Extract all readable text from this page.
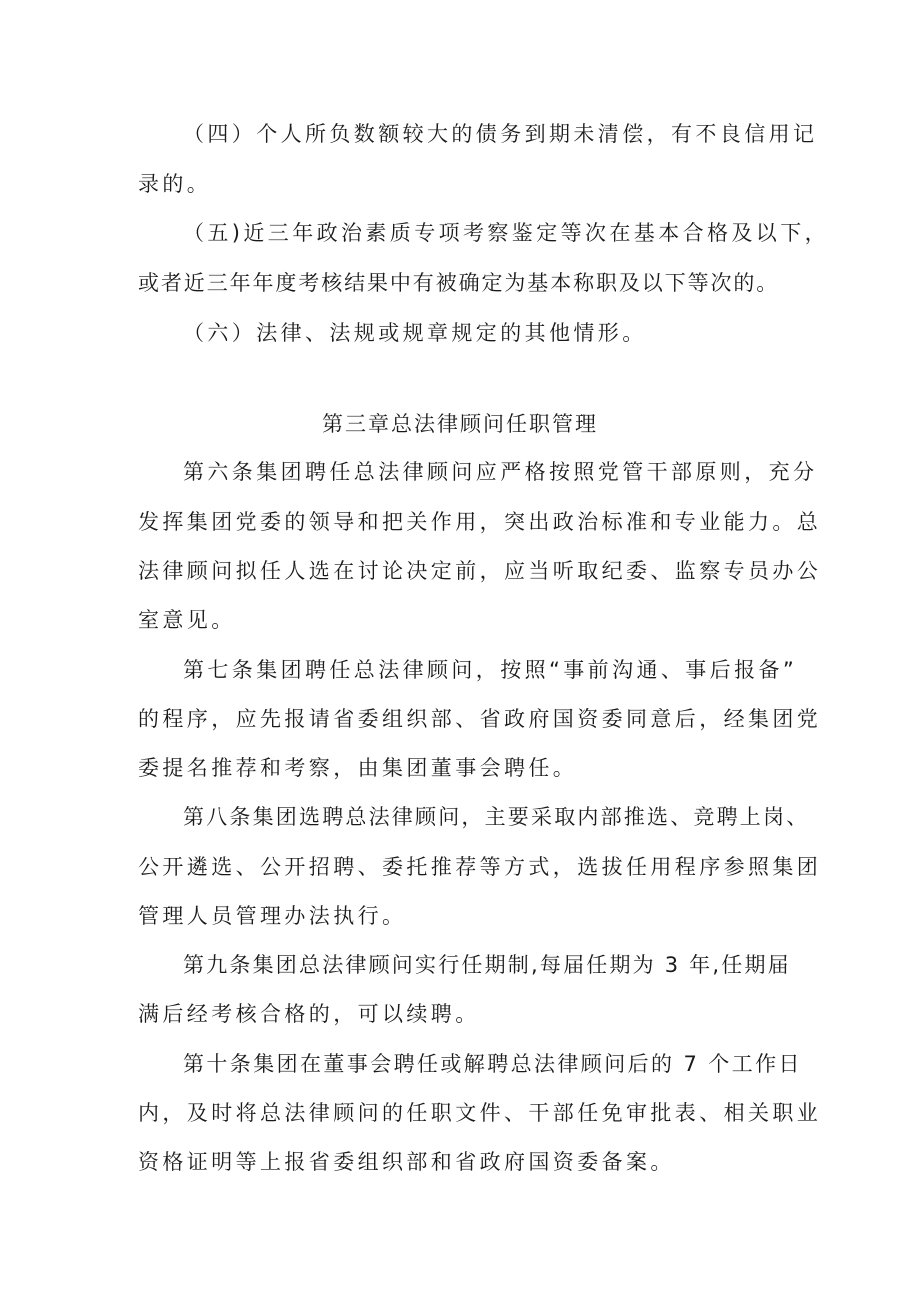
（四）个人所负数额较大的债务到期未清偿，有不良信用记
录的。
（五)近三年政治素质专项考察鉴定等次在基本合格及以下，
或者近三年年度考核结果中有被确定为基本称职及以下等次的。
（六）法律、法规或规章规定的其他情形。
第三章总法律顾问任职管理
第六条集团聘任总法律顾问应严格按照党管干部原则，充分
发挥集团党委的领导和把关作用，突出政治标准和专业能力。总
法律顾问拟任人选在讨论决定前，应当听取纪委、监察专员办公
室意见。
第七条集团聘任总法律顾问，按照“事前沟通、事后报备”
的程序，应先报请省委组织部、省政府国资委同意后，经集团党
委提名推荐和考察，由集团董事会聘任。
第八条集团选聘总法律顾问，主要采取内部推选、竞聘上岗、
公开遴选、公开招聘、委托推荐等方式，选拔任用程序参照集团
管理人员管理办法执行。
第九条集团总法律顾问实行任期制,每届任期为 3 年,任期届
满后经考核合格的，可以续聘。
第十条集团在董事会聘任或解聘总法律顾问后的 7 个工作日
内，及时将总法律顾问的任职文件、干部任免审批表、相关职业
资格证明等上报省委组织部和省政府国资委备案。
